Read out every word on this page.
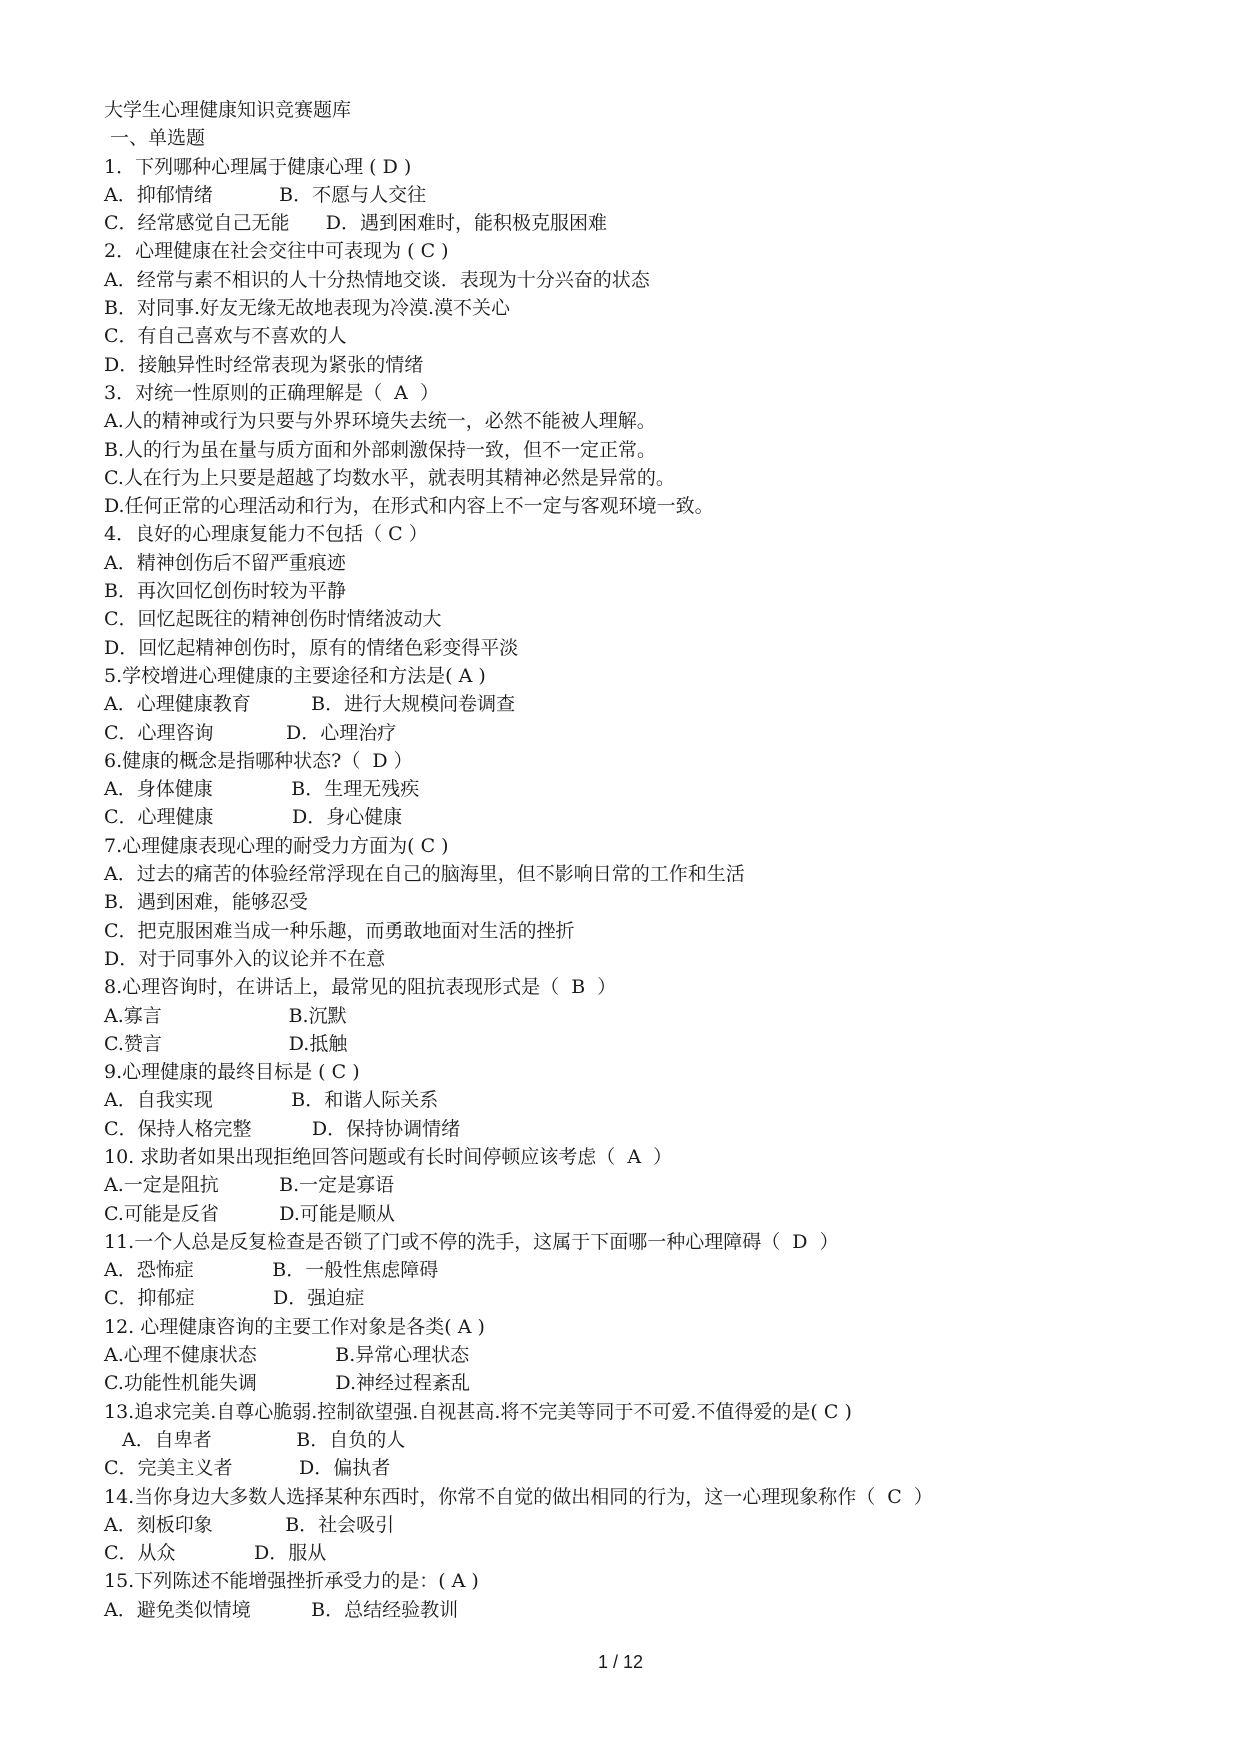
大学生心理健康知识竞赛题库
一、单选题
1．下列哪种心理属于健康心理 ( D )
A．抑郁情绪           B．不愿与人交往
C．经常感觉自己无能      D．遇到困难时，能积极克服困难
2．心理健康在社会交往中可表现为 ( C )
A．经常与素不相识的人十分热情地交谈．表现为十分兴奋的状态
B．对同事.好友无缘无故地表现为冷漠.漠不关心
C．有自己喜欢与不喜欢的人
D．接触异性时经常表现为紧张的情绪
3．对统一性原则的正确理解是（  A  ）
A.人的精神或行为只要与外界环境失去统一，必然不能被人理解。
B.人的行为虽在量与质方面和外部刺激保持一致，但不一定正常。
C.人在行为上只要是超越了均数水平，就表明其精神必然是异常的。
D.任何正常的心理活动和行为，在形式和内容上不一定与客观环境一致。
4．良好的心理康复能力不包括（ C ）
A．精神创伤后不留严重痕迹
B．再次回忆创伤时较为平静
C．回忆起既往的精神创伤时情绪波动大
D．回忆起精神创伤时，原有的情绪色彩变得平淡
5.学校增进心理健康的主要途径和方法是( A )
A．心理健康教育          B．进行大规模问卷调查
C．心理咨询            D．心理治疗
6.健康的概念是指哪种状态?（  D ）
A．身体健康             B．生理无残疾
C．心理健康             D．身心健康
7.心理健康表现心理的耐受力方面为( C )
A．过去的痛苦的体验经常浮现在自己的脑海里，但不影响日常的工作和生活
B．遇到困难，能够忍受
C．把克服困难当成一种乐趣，而勇敢地面对生活的挫折
D．对于同事外入的议论并不在意
8.心理咨询时，在讲话上，最常见的阻抗表现形式是（  B  ）
A.寡言                     B.沉默
C.赞言                     D.抵触
9.心理健康的最终目标是 ( C )
A．自我实现             B．和谐人际关系
C．保持人格完整          D．保持协调情绪
10. 求助者如果出现拒绝回答问题或有长时间停顿应该考虑（  A  ）
A.一定是阻抗          B.一定是寡语
C.可能是反省          D.可能是顺从
11.一个人总是反复检查是否锁了门或不停的洗手，这属于下面哪一种心理障碍（  D  ）
A．恐怖症             B．一般性焦虑障碍
C．抑郁症             D．强迫症
12. 心理健康咨询的主要工作对象是各类( A )
A.心理不健康状态             B.异常心理状态
C.功能性机能失调             D.神经过程紊乱
13.追求完美.自尊心脆弱.控制欲望强.自视甚高.将不完美等同于不可爱.不值得爱的是( C )
A．自卑者              B．自负的人
C．完美主义者           D．偏执者
14.当你身边大多数人选择某种东西时，你常不自觉的做出相同的行为，这一心理现象称作（  C  ）
A．刻板印象            B．社会吸引
C．从众             D．服从
15.下列陈述不能增强挫折承受力的是：( A )
A．避免类似情境          B．总结经验教训
1 / 12
